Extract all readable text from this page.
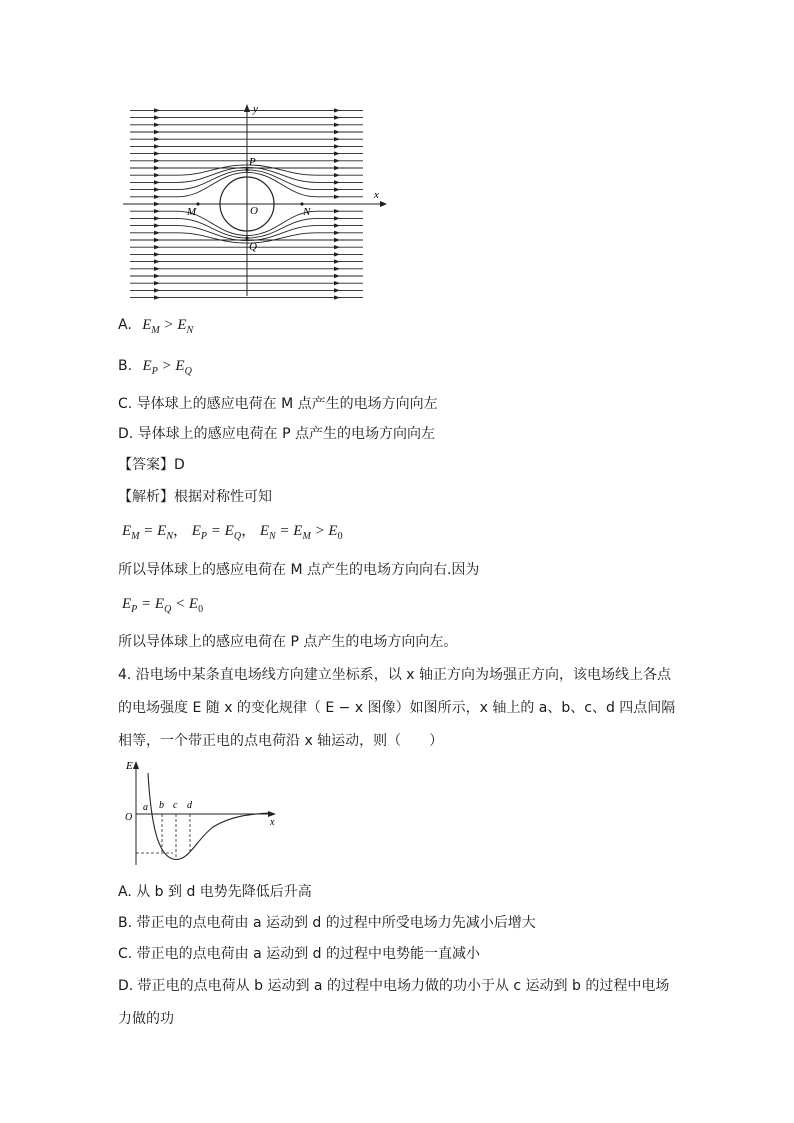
y
x
P
O
M	N
Q
A. $E_M > E_N$
B. $E_P > E_Q$
C. 导体球上的感应电荷在 M 点产生的电场方向向左
D. 导体球上的感应电荷在 P 点产生的电场方向向左
【答案】D
【解析】根据对称性可知
$E_M = E_N$， $E_P = E_Q$， $E_N = E_M > E_0$
所以导体球上的感应电荷在 M 点产生的电场方向向右.因为
$E_P = E_Q < E_0$
所以导体球上的感应电荷在 P 点产生的电场方向向左。
4. 沿电场中某条直电场线方向建立坐标系，以 x 轴正方向为场强正方向，该电场线上各点的电场强度 E 随 x 的变化规律（ E − x 图像）如图所示，x 轴上的 a、b、c、d 四点间隔相等，一个带正电的点电荷沿 x 轴运动，则（　　）
E
O	x
a b c d
A. 从 b 到 d 电势先降低后升高
B. 带正电的点电荷由 a 运动到 d 的过程中所受电场力先减小后增大
C. 带正电的点电荷由 a 运动到 d 的过程中电势能一直减小
D. 带正电的点电荷从 b 运动到 a 的过程中电场力做的功小于从 c 运动到 b 的过程中电场力做的功
